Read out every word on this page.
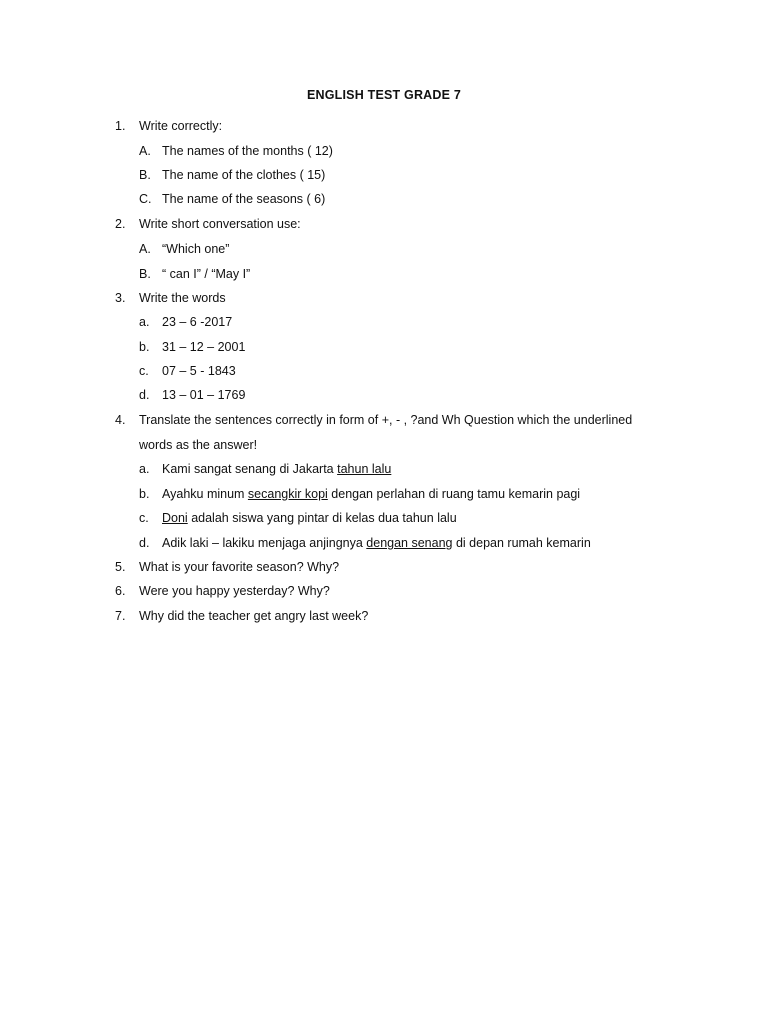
ENGLISH TEST GRADE 7
1. Write correctly:
A. The names of the months ( 12)
B. The name of the clothes ( 15)
C. The name of the seasons ( 6)
2. Write short conversation use:
A. “Which one”
B. “ can I” / “May I”
3. Write the words
a. 23 – 6 -2017
b. 31 – 12 – 2001
c. 07 – 5 - 1843
d. 13 – 01 – 1769
4. Translate the sentences correctly in form of +, - , ?and Wh Question which the underlined
words as the answer!
a. Kami sangat senang di Jakarta tahun lalu
b. Ayahku minum secangkir kopi dengan perlahan di ruang tamu kemarin pagi
c. Doni adalah siswa yang pintar di kelas dua tahun lalu
d. Adik laki – lakiku menjaga anjingnya dengan senang di depan rumah kemarin
5. What is your favorite season? Why?
6. Were you happy yesterday? Why?
7. Why did the teacher get angry last week?
